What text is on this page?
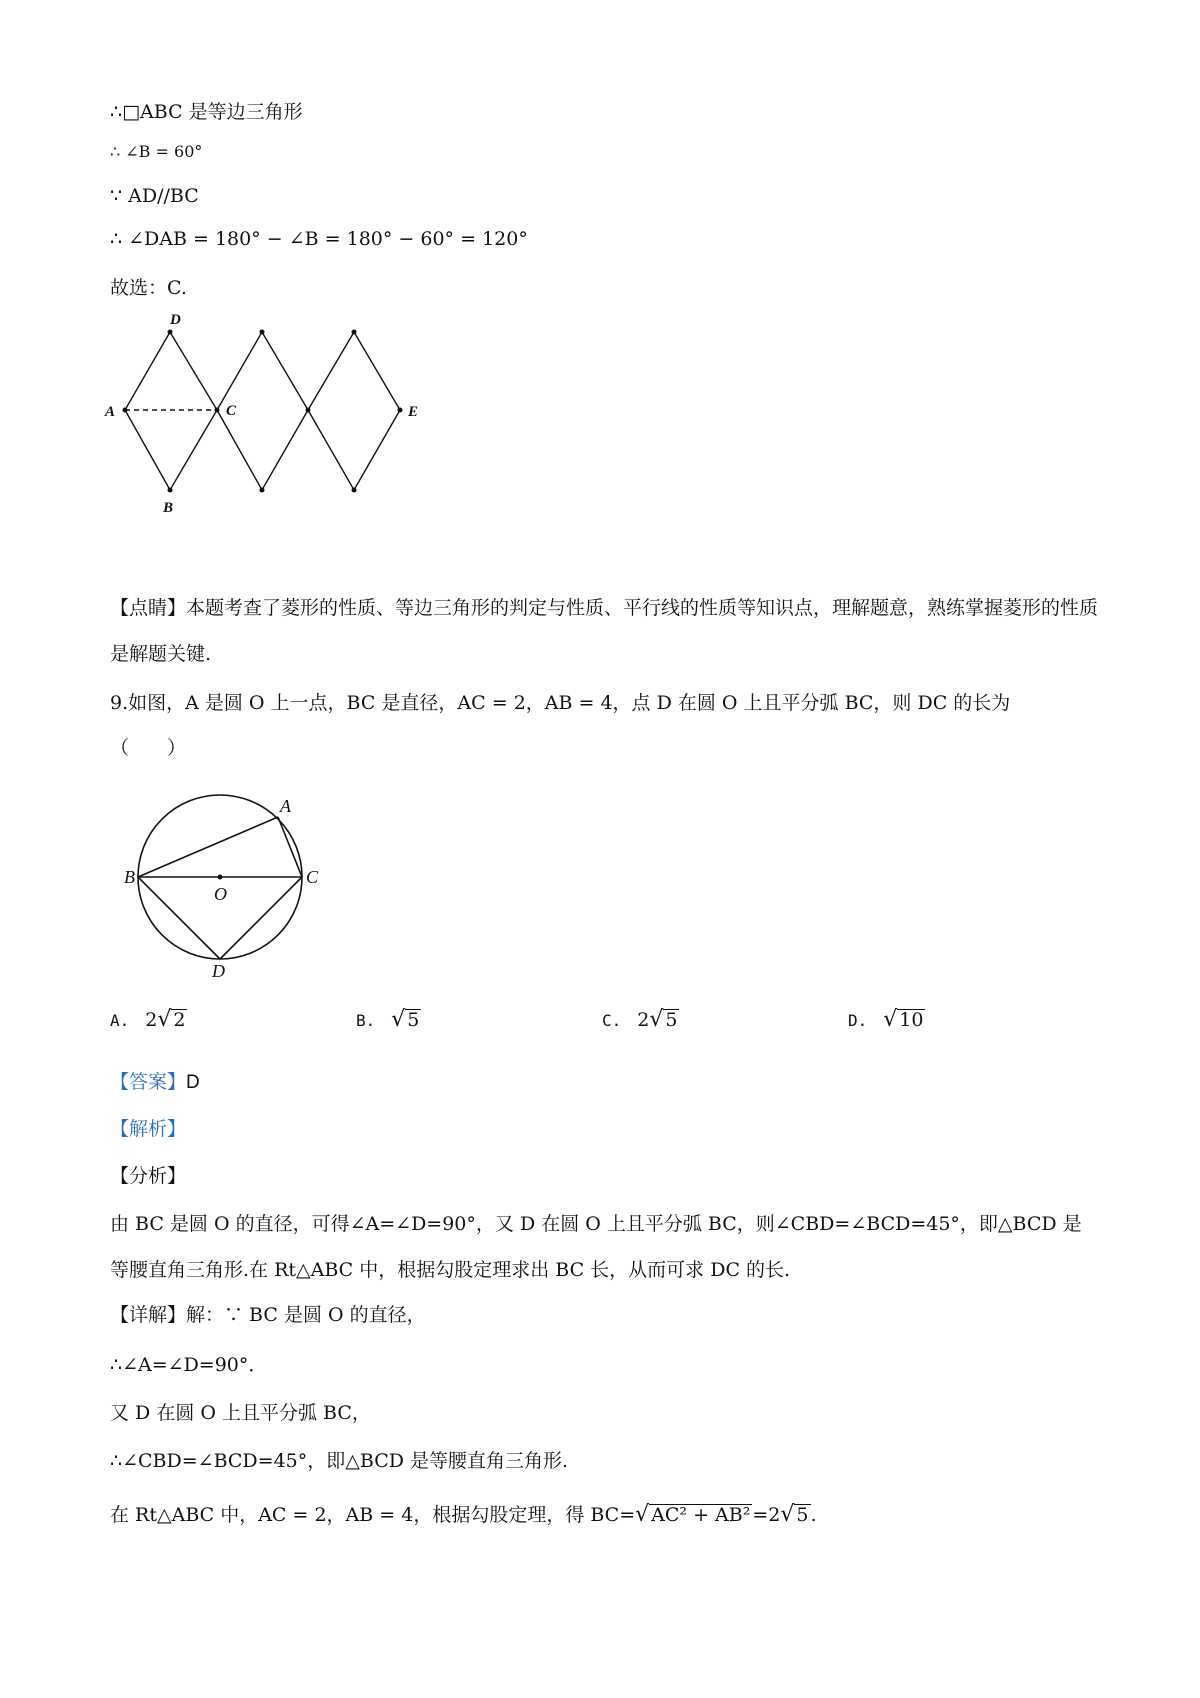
∴□ABC 是等边三角形
∴ ∠B = 60°
∵ AD//BC
∴ ∠DAB = 180° − ∠B = 180° − 60° = 120°
故选：C.
D
A	C	E
B
【点睛】本题考查了菱形的性质、等边三角形的判定与性质、平行线的性质等知识点，理解题意，熟练掌握菱形的性质是解题关键.
9.如图，A 是圆 O 上一点，BC 是直径，AC = 2，AB = 4，点 D 在圆 O 上且平分弧 BC，则 DC 的长为
（　　）
A
B	C
O
D
A. 2√ 2	B. √ 5	C. 2√ 5	D. √ 10
【答案】D
【解析】
【分析】
由 BC 是圆 O 的直径，可得∠A=∠D=90°，又 D 在圆 O 上且平分弧 BC，则∠CBD=∠BCD=45°，即△BCD 是等腰直角三角形.在 Rt△ABC 中，根据勾股定理求出 BC 长，从而可求 DC 的长.
【详解】解：∵ BC 是圆 O 的直径，
∴∠A=∠D=90°．
又 D 在圆 O 上且平分弧 BC，
∴∠CBD=∠BCD=45°，即△BCD 是等腰直角三角形.
在 Rt△ABC 中，AC = 2，AB = 4，根据勾股定理，得 BC=√ AC² + AB² =2√ 5 .
